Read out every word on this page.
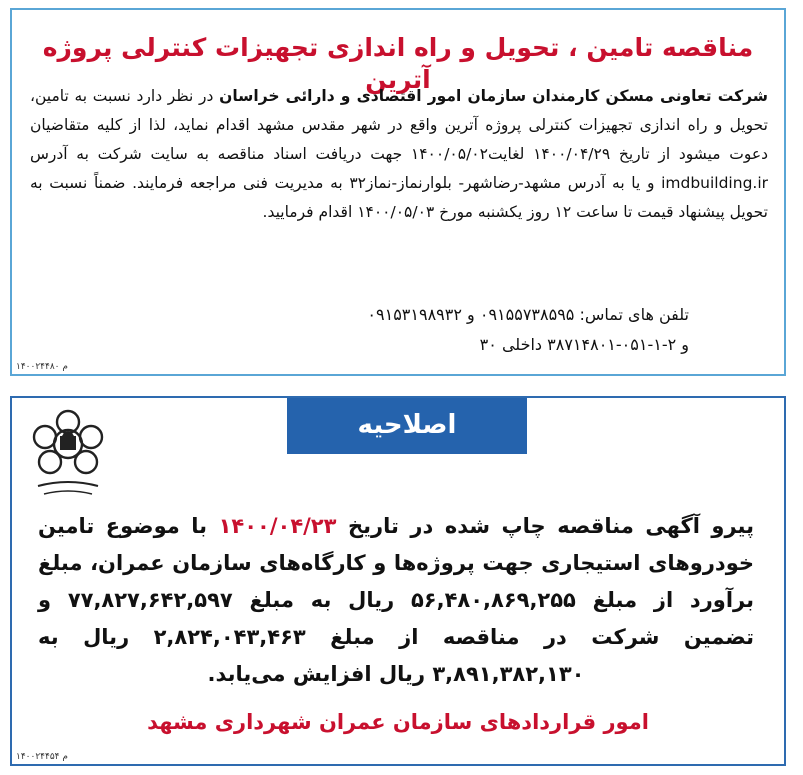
مناقصه تامین ، تحویل و راه اندازی تجهیزات کنترلی پروژه آترین
شرکت تعاونی مسکن کارمندان سازمان امور اقتصادی و دارائی خراسان در نظر دارد نسبت به تامین، تحویل و راه اندازی تجهیزات کنترلی پروژه آترین واقع در شهر مقدس مشهد اقدام نماید، لذا از کلیه متقاضیان دعوت میشود از تاریخ ۱۴۰۰/۰۴/۲۹ لغایت۱۴۰۰/۰۵/۰۲ جهت دریافت اسناد مناقصه به سایت شرکت به آدرس imdbuilding.ir و یا به آدرس مشهد-رضاشهر- بلوارنماز-نماز۳۲ به مدیریت فنی مراجعه فرمایند. ضمناً نسبت به تحویل پیشنهاد قیمت تا ساعت ۱۲ روز یکشنبه مورخ ۱۴۰۰/۰۵/۰۳ اقدام فرمایید.
تلفن های تماس: ۰۹۱۵۵۷۳۸۵۹۵ و ۰۹۱۵۳۱۹۸۹۳۲
و ۲-۱-۰۵۱-۳۸۷۱۴۸۰۱ داخلی ۳۰
۱۴۰۰۲۴۴۸۰ م
اصلاحیه
پیرو آگهی مناقصه چاپ شده در تاریخ ۱۴۰۰/۰۴/۲۳ با موضوع تامین خودروهای استیجاری جهت پروژه‌ها و کارگاه‌های سازمان عمران، مبلغ برآورد از مبلغ ۵۶,۴۸۰,۸۶۹,۲۵۵ ریال به مبلغ ۷۷,۸۲۷,۶۴۲,۵۹۷ و تضمین شرکت در مناقصه از مبلغ ۲,۸۲۴,۰۴۳,۴۶۳ ریال به ۳,۸۹۱,۳۸۲,۱۳۰ ریال افزایش می‌یابد.
امور قراردادهای سازمان عمران شهرداری مشهد
۱۴۰۰۲۴۴۵۴ م
